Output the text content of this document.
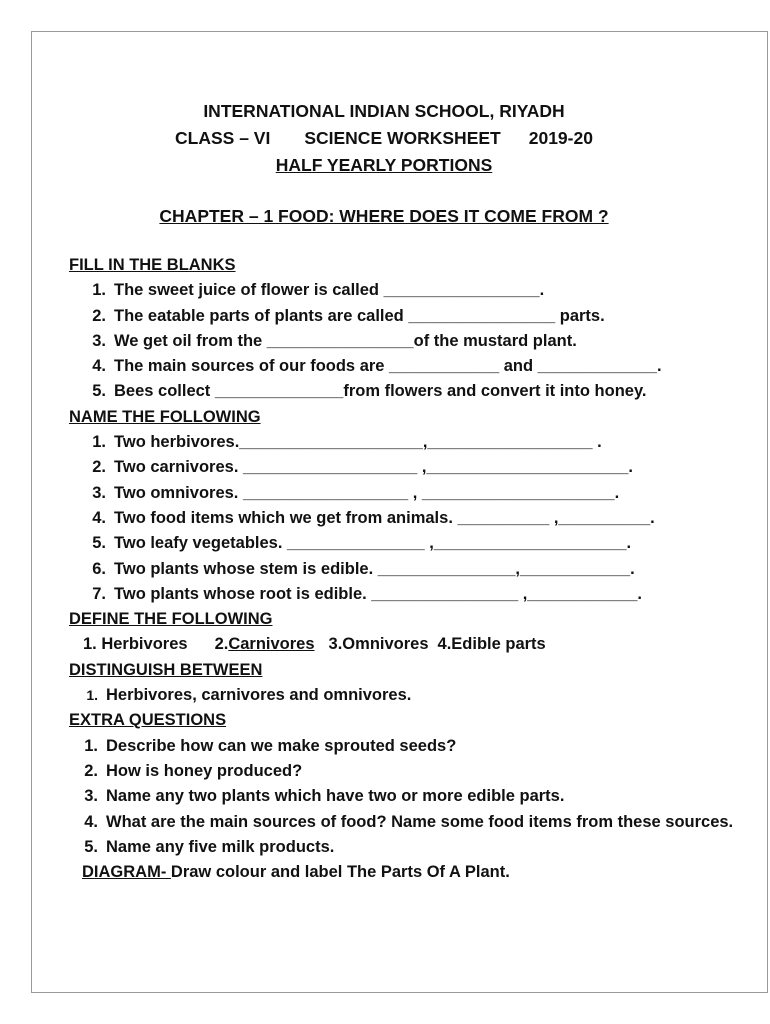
INTERNATIONAL INDIAN SCHOOL, RIYADH

CLASS – VI SCIENCE WORKSHEET 2019-20

HALF YEARLY PORTIONS

CHAPTER – 1 FOOD: WHERE DOES IT COME FROM ?

FILL IN THE BLANKS

1. The sweet juice of flower is called _________________.
2. The eatable parts of plants are called ________________ parts.
3. We get oil from the ________________of the mustard plant.
4. The main sources of our foods are ____________ and _____________.
5. Bees collect ______________from flowers and convert it into honey.

NAME THE FOLLOWING

1. Two herbivores.____________________,__________________ .
2. Two carnivores. ___________________ ,______________________.
3. Two omnivores. __________________ , _____________________.
4. Two food items which we get from animals. __________ ,__________.
5. Two leafy vegetables. _______________ ,_____________________.
6. Two plants whose stem is edible. _______________,____________.
7. Two plants whose root is edible. ________________ ,____________.

DEFINE THE FOLLOWING

1. Herbivores 2.Carnivores 3.Omnivores 4.Edible parts

DISTINGUISH BETWEEN

1. Herbivores, carnivores and omnivores.

EXTRA QUESTIONS

1. Describe how can we make sprouted seeds?
2. How is honey produced?
3. Name any two plants which have two or more edible parts.
4. What are the main sources of food? Name some food items from these sources.
5. Name any five milk products.
DIAGRAM- Draw colour and label The Parts Of A Plant.
